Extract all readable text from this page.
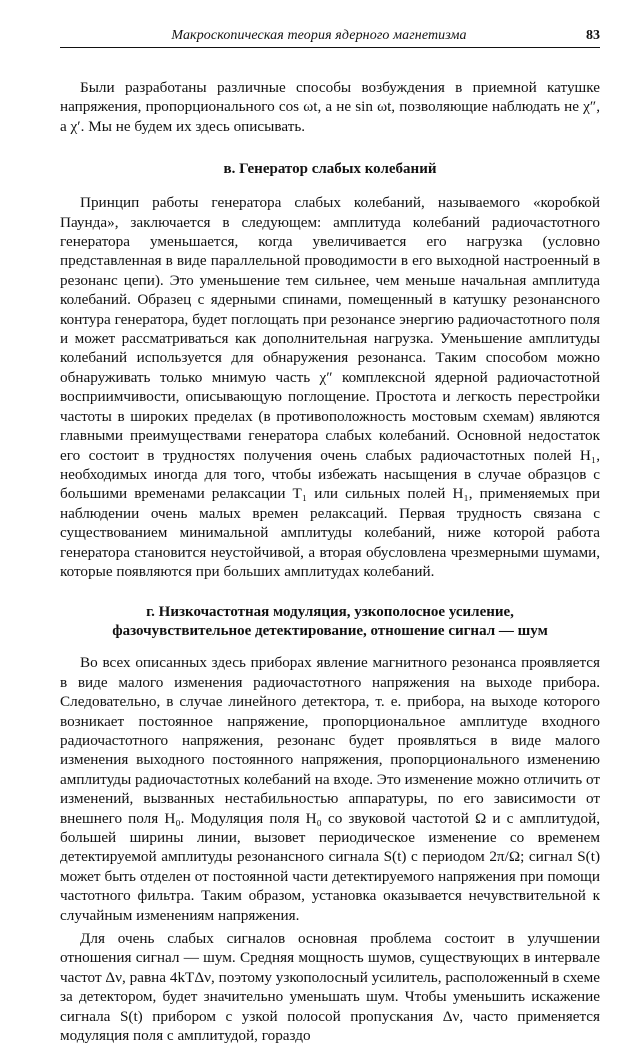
Макроскопическая теория ядерного магнетизма	83

Были разработаны различные способы возбуждения в приемной катушке напряжения, пропорционального cos ωt, а не sin ωt, позволяющие наблюдать не χ″, а χ′. Мы не будем их здесь описывать.

в. Генератор слабых колебаний

Принцип работы генератора слабых колебаний, называемого «коробкой Паунда», заключается в следующем: амплитуда колебаний радиочастотного генератора уменьшается, когда увеличивается его нагрузка (условно представленная в виде параллельной проводимости в его выходной настроенный в резонанс цепи). Это уменьшение тем сильнее, чем меньше начальная амплитуда колебаний. Образец с ядерными спинами, помещенный в катушку резонансного контура генератора, будет поглощать при резонансе энергию радиочастотного поля и может рассматриваться как дополнительная нагрузка. Уменьшение амплитуды колебаний используется для обнаружения резонанса. Таким способом можно обнаруживать только мнимую часть χ″ комплексной ядерной радиочастотной восприимчивости, описывающую поглощение. Простота и легкость перестройки частоты в широких пределах (в противоположность мостовым схемам) являются главными преимуществами генератора слабых колебаний. Основной недостаток его состоит в трудностях получения очень слабых радиочастотных полей H₁, необходимых иногда для того, чтобы избежать насыщения в случае образцов с большими временами релаксации T₁ или сильных полей H₁, применяемых при наблюдении очень малых времен релаксаций. Первая трудность связана с существованием минимальной амплитуды колебаний, ниже которой работа генератора становится неустойчивой, а вторая обусловлена чрезмерными шумами, которые появляются при больших амплитудах колебаний.

г. Низкочастотная модуляция, узкополосное усиление,
фазочувствительное детектирование, отношение сигнал — шум

Во всех описанных здесь приборах явление магнитного резонанса проявляется в виде малого изменения радиочастотного напряжения на выходе прибора. Следовательно, в случае линейного детектора, т. е. прибора, на выходе которого возникает постоянное напряжение, пропорциональное амплитуде входного радиочастотного напряжения, резонанс будет проявляться в виде малого изменения выходного постоянного напряжения, пропорционального изменению амплитуды радиочастотных колебаний на входе. Это изменение можно отличить от изменений, вызванных нестабильностью аппаратуры, по его зависимости от внешнего поля H₀. Модуляция поля H₀ со звуковой частотой Ω и с амплитудой, большей ширины линии, вызовет периодическое изменение со временем детектируемой амплитуды резонансного сигнала S(t) с периодом 2π/Ω; сигнал S(t) может быть отделен от постоянной части детектируемого напряжения при помощи частотного фильтра. Таким образом, установка оказывается нечувствительной к случайным изменениям напряжения.

Для очень слабых сигналов основная проблема состоит в улучшении отношения сигнал — шум. Средняя мощность шумов, существующих в интервале частот Δν, равна 4kTΔν, поэтому узкополосный усилитель, расположенный в схеме за детектором, будет значительно уменьшать шум. Чтобы уменьшить искажение сигнала S(t) прибором с узкой полосой пропускания Δν, часто применяется модуляция поля с амплитудой, гораздо
